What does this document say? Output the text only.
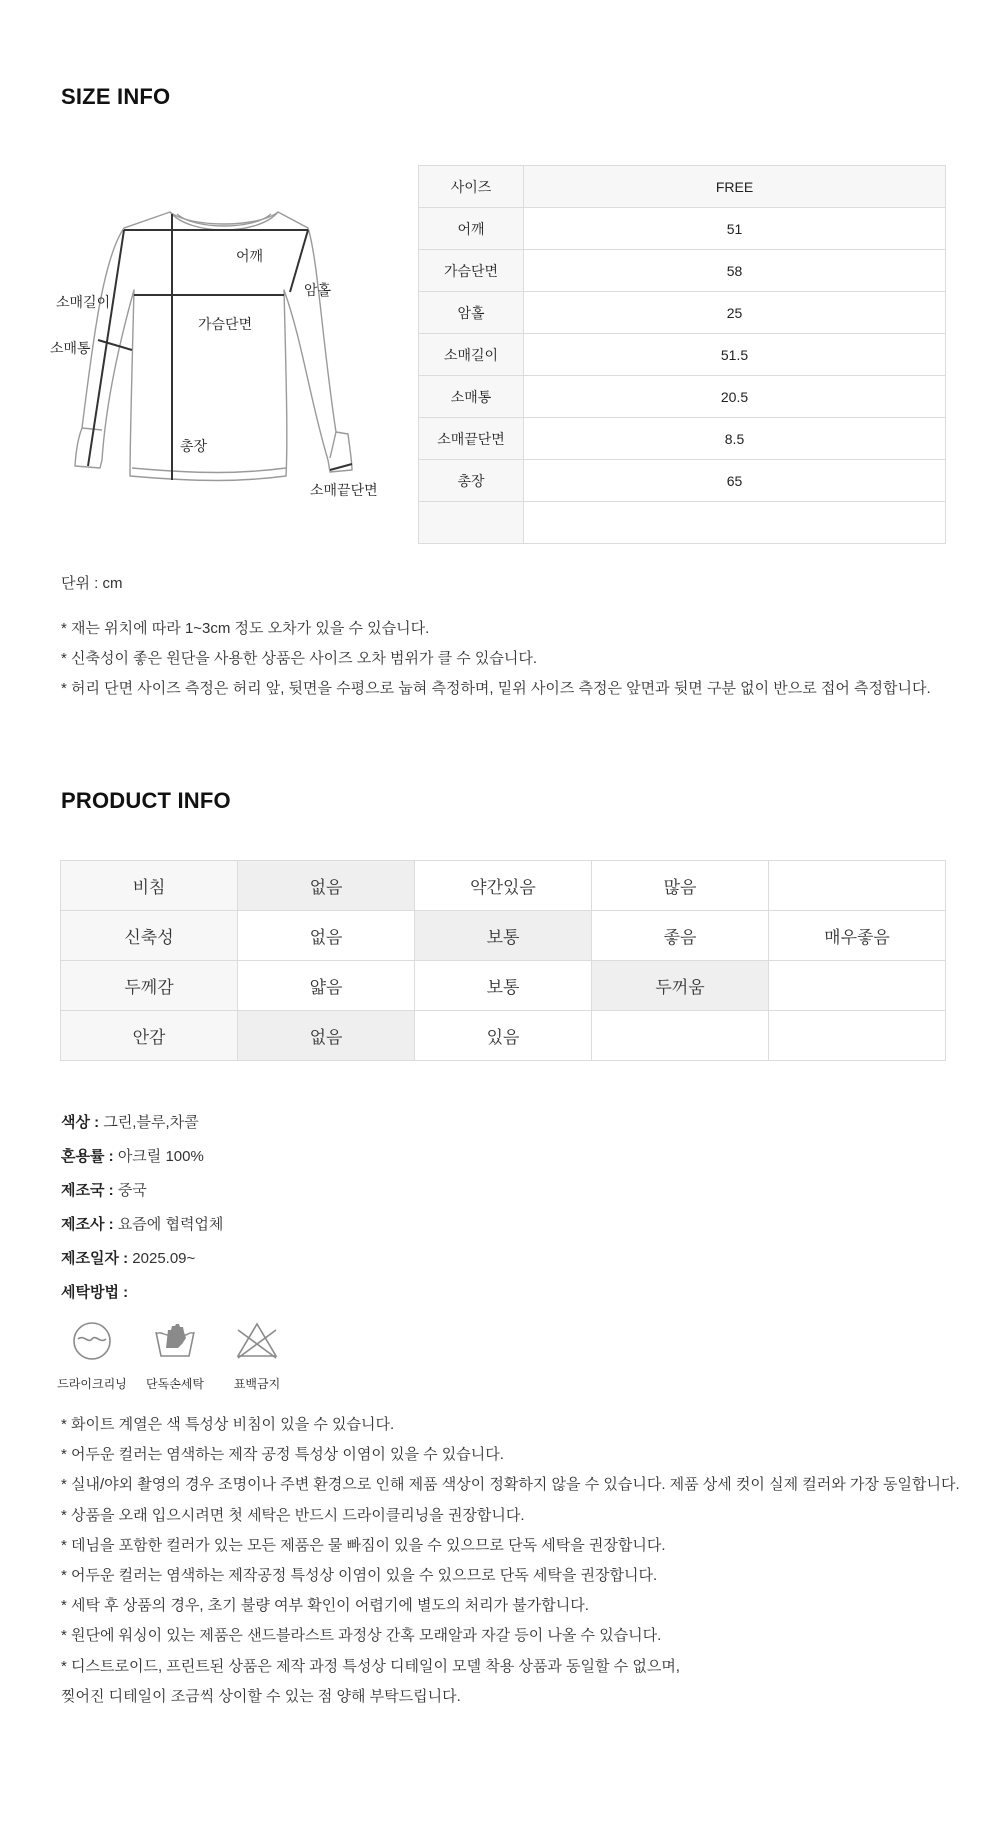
SIZE INFO
어깨
암홀
소매길이
가슴단면
소매통
총장
소매끝단면
사이즈	FREE
어깨	51
가슴단면	58
암홀	25
소매길이	51.5
소매통	20.5
소매끝단면	8.5
총장	65

단위 : cm
* 재는 위치에 따라 1~3cm 정도 오차가 있을 수 있습니다.
* 신축성이 좋은 원단을 사용한 상품은 사이즈 오차 범위가 클 수 있습니다.
* 허리 단면 사이즈 측정은 허리 앞, 뒷면을 수평으로 눕혀 측정하며, 밑위 사이즈 측정은 앞면과 뒷면 구분 없이 반으로 접어 측정합니다.
PRODUCT INFO
비침	없음	약간있음	많음	
신축성	없음	보통	좋음	매우좋음
두께감	얇음	보통	두꺼움	
안감	없음	있음		
색상 : 그린,블루,차콜
혼용률 : 아크릴 100%
제조국 : 중국
제조사 : 요즘에 협력업체
제조일자 : 2025.09~
세탁방법 :
드라이크리닝	단독손세탁	표백금지
* 화이트 계열은 색 특성상 비침이 있을 수 있습니다.
* 어두운 컬러는 염색하는 제작 공정 특성상 이염이 있을 수 있습니다.
* 실내/야외 촬영의 경우 조명이나 주변 환경으로 인해 제품 색상이 정확하지 않을 수 있습니다. 제품 상세 컷이 실제 컬러와 가장 동일합니다.
* 상품을 오래 입으시려면 첫 세탁은 반드시 드라이클리닝을 권장합니다.
* 데님을 포함한 컬러가 있는 모든 제품은 물 빠짐이 있을 수 있으므로 단독 세탁을 권장합니다.
* 어두운 컬러는 염색하는 제작공정 특성상 이염이 있을 수 있으므로 단독 세탁을 권장합니다.
* 세탁 후 상품의 경우, 초기 불량 여부 확인이 어렵기에 별도의 처리가 불가합니다.
* 원단에 워싱이 있는 제품은 샌드블라스트 과정상 간혹 모래알과 자갈 등이 나올 수 있습니다.
* 디스트로이드, 프린트된 상품은 제작 과정 특성상 디테일이 모델 착용 상품과 동일할 수 없으며,
찢어진 디테일이 조금씩 상이할 수 있는 점 양해 부탁드립니다.
